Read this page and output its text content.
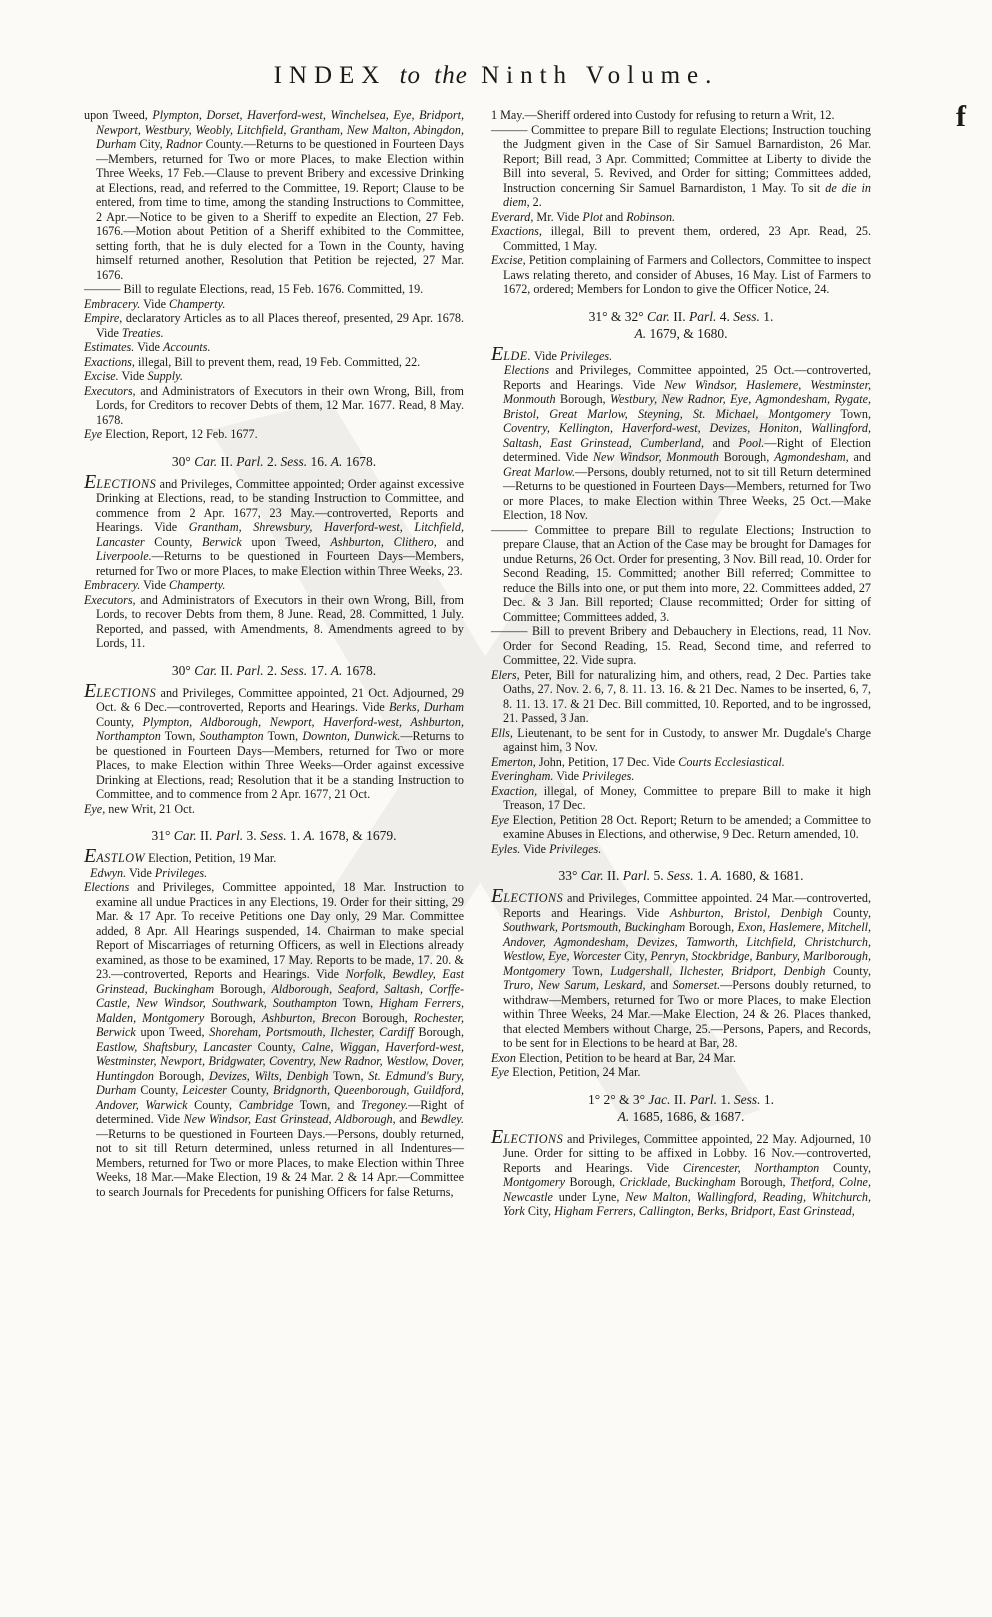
INDEX to the Ninth Volume.
f

upon Tweed, Plympton, Dorset, Haverford-west, Winchelsea, Eye, Bridport, Newport, Westbury, Weobly, Litchfield, Grantham, New Malton, Abingdon, Durham City, Radnor County.—Returns to be questioned in Fourteen Days—Members, returned for Two or more Places, to make Election within Three Weeks, 17 Feb.—Clause to prevent Bribery and excessive Drinking at Elections, read, and referred to the Committee, 19. Report; Clause to be entered, from time to time, among the standing Instructions to Committee, 2 Apr.—Notice to be given to a Sheriff to expedite an Election, 27 Feb. 1676.—Motion about Petition of a Sheriff exhibited to the Committee, setting forth, that he is duly elected for a Town in the County, having himself returned another, Resolution that Petition be rejected, 27 Mar. 1676.

——— Bill to regulate Elections, read, 15 Feb. 1676. Committed, 19.

Embracery. Vide Champerty.

Empire, declaratory Articles as to all Places thereof, presented, 29 Apr. 1678. Vide Treaties.

Estimates. Vide Accounts.

Exactions, illegal, Bill to prevent them, read, 19 Feb. Committed, 22.

Excise. Vide Supply.

Executors, and Administrators of Executors in their own Wrong, Bill, from Lords, for Creditors to recover Debts of them, 12 Mar. 1677. Read, 8 May. 1678.

Eye Election, Report, 12 Feb. 1677.

30° Car. II. Parl. 2. Sess. 16. A. 1678.

ELECTIONS and Privileges, Committee appointed; Order against excessive Drinking at Elections, read, to be standing Instruction to Committee, and commence from 2 Apr. 1677, 23 May.—controverted, Reports and Hearings. Vide Grantham, Shrewsbury, Haverford-west, Litchfield, Lancaster County, Berwick upon Tweed, Ashburton, Clithero, and Liverpoole.—Returns to be questioned in Fourteen Days—Members, returned for Two or more Places, to make Election within Three Weeks, 23.

Embracery. Vide Champerty.

Executors, and Administrators of Executors in their own Wrong, Bill, from Lords, to recover Debts from them, 8 June. Read, 28. Committed, 1 July. Reported, and passed, with Amendments, 8. Amendments agreed to by Lords, 11.

30° Car. II. Parl. 2. Sess. 17. A. 1678.

ELECTIONS and Privileges, Committee appointed, 21 Oct. Adjourned, 29 Oct. & 6 Dec.—controverted, Reports and Hearings. Vide Berks, Durham County, Plympton, Aldborough, Newport, Haverford-west, Ashburton, Northampton Town, Southampton Town, Downton, Dunwick.—Returns to be questioned in Fourteen Days—Members, returned for Two or more Places, to make Election within Three Weeks—Order against excessive Drinking at Elections, read; Resolution that it be a standing Instruction to Committee, and to commence from 2 Apr. 1677, 21 Oct.

Eye, new Writ, 21 Oct.

31° Car. II. Parl. 3. Sess. 1. A. 1678, & 1679.

EASTLOW Election, Petition, 19 Mar.

Edwyn. Vide Privileges.

Elections and Privileges, Committee appointed, 18 Mar. Instruction to examine all undue Practices in any Elections, 19. Order for their sitting, 29 Mar. & 17 Apr. To receive Petitions one Day only, 29 Mar. Committee added, 8 Apr. All Hearings suspended, 14. Chairman to make special Report of Miscarriages of returning Officers, as well in Elections already examined, as those to be examined, 17 May. Reports to be made, 17. 20. & 23.—controverted, Reports and Hearings. Vide Norfolk, Bewdley, East Grinstead, Buckingham Borough, Aldborough, Seaford, Saltash, Corffe-Castle, New Windsor, Southwark, Southampton Town, Higham Ferrers, Malden, Montgomery Borough, Ashburton, Brecon Borough, Rochester, Berwick upon Tweed, Shoreham, Portsmouth, Ilchester, Cardiff Borough, Eastlow, Shaftsbury, Lancaster County, Calne, Wiggan, Haverford-west, Westminster, Newport, Bridgwater, Coventry, New Radnor, Westlow, Dover, Huntingdon Borough, Devizes, Wilts, Denbigh Town, St. Edmund's Bury, Durham County, Leicester County, Bridgnorth, Queenborough, Guildford, Andover, Warwick County, Cambridge Town, and Tregoney.—Right of determined. Vide New Windsor, East Grinstead, Aldborough, and Bewdley.—Returns to be questioned in Fourteen Days.—Persons, doubly returned, not to sit till Return determined, unless returned in all Indentures—Members, returned for Two or more Places, to make Election within Three Weeks, 18 Mar.—Make Election, 19 & 24 Mar. 2 & 14 Apr.—Committee to search Journals for Precedents for punishing Officers for false Returns,

1 May.—Sheriff ordered into Custody for refusing to return a Writ, 12.

——— Committee to prepare Bill to regulate Elections; Instruction touching the Judgment given in the Case of Sir Samuel Barnardiston, 26 Mar. Report; Bill read, 3 Apr. Committed; Committee at Liberty to divide the Bill into several, 5. Revived, and Order for sitting; Committees added, Instruction concerning Sir Samuel Barnardiston, 1 May. To sit de die in diem, 2.

Everard, Mr. Vide Plot and Robinson.

Exactions, illegal, Bill to prevent them, ordered, 23 Apr. Read, 25. Committed, 1 May.

Excise, Petition complaining of Farmers and Collectors, Committee to inspect Laws relating thereto, and consider of Abuses, 16 May. List of Farmers to 1672, ordered; Members for London to give the Officer Notice, 24.

31° & 32° Car. II. Parl. 4. Sess. 1.
A. 1679, & 1680.

ELDE. Vide Privileges.

Elections and Privileges, Committee appointed, 25 Oct.—controverted, Reports and Hearings. Vide New Windsor, Haslemere, Westminster, Monmouth Borough, Westbury, New Radnor, Eye, Agmondesham, Rygate, Bristol, Great Marlow, Steyning, St. Michael, Montgomery Town, Coventry, Kellington, Haverford-west, Devizes, Honiton, Wallingford, Saltash, East Grinstead, Cumberland, and Pool.—Right of Election determined. Vide New Windsor, Monmouth Borough, Agmondesham, and Great Marlow.—Persons, doubly returned, not to sit till Return determined—Returns to be questioned in Fourteen Days—Members, returned for Two or more Places, to make Election within Three Weeks, 25 Oct.—Make Election, 18 Nov.

——— Committee to prepare Bill to regulate Elections; Instruction to prepare Clause, that an Action of the Case may be brought for Damages for undue Returns, 26 Oct. Order for presenting, 3 Nov. Bill read, 10. Order for Second Reading, 15. Committed; another Bill referred; Committee to reduce the Bills into one, or put them into more, 22. Committees added, 27 Dec. & 3 Jan. Bill reported; Clause recommitted; Order for sitting of Committee; Committees added, 3.

——— Bill to prevent Bribery and Debauchery in Elections, read, 11 Nov. Order for Second Reading, 15. Read, Second time, and referred to Committee, 22. Vide supra.

Elers, Peter, Bill for naturalizing him, and others, read, 2 Dec. Parties take Oaths, 27. Nov. 2. 6, 7, 8. 11. 13. 16. & 21 Dec. Names to be inserted, 6, 7, 8. 11. 13. 17. & 21 Dec. Bill committed, 10. Reported, and to be ingrossed, 21. Passed, 3 Jan.

Ells, Lieutenant, to be sent for in Custody, to answer Mr. Dugdale's Charge against him, 3 Nov.

Emerton, John, Petition, 17 Dec. Vide Courts Ecclesiastical.

Everingham. Vide Privileges.

Exaction, illegal, of Money, Committee to prepare Bill to make it high Treason, 17 Dec.

Eye Election, Petition 28 Oct. Report; Return to be amended; a Committee to examine Abuses in Elections, and otherwise, 9 Dec. Return amended, 10.

Eyles. Vide Privileges.

33° Car. II. Parl. 5. Sess. 1. A. 1680, & 1681.

ELECTIONS and Privileges, Committee appointed. 24 Mar.—controverted, Reports and Hearings. Vide Ashburton, Bristol, Denbigh County, Southwark, Portsmouth, Buckingham Borough, Exon, Haslemere, Mitchell, Andover, Agmondesham, Devizes, Tamworth, Litchfield, Christchurch, Westlow, Eye, Worcester City, Penryn, Stockbridge, Banbury, Marlborough, Montgomery Town, Ludgershall, Ilchester, Bridport, Denbigh County, Truro, New Sarum, Leskard, and Somerset.—Persons doubly returned, to withdraw—Members, returned for Two or more Places, to make Election within Three Weeks, 24 Mar.—Make Election, 24 & 26. Places thanked, that elected Members without Charge, 25.—Persons, Papers, and Records, to be sent for in Elections to be heard at Bar, 28.

Exon Election, Petition to be heard at Bar, 24 Mar.

Eye Election, Petition, 24 Mar.

1° 2° & 3° Jac. II. Parl. 1. Sess. 1.
A. 1685, 1686, & 1687.

ELECTIONS and Privileges, Committee appointed, 22 May. Adjourned, 10 June. Order for sitting to be affixed in Lobby. 16 Nov.—controverted, Reports and Hearings. Vide Cirencester, Northampton County, Montgomery Borough, Cricklade, Buckingham Borough, Thetford, Colne, Newcastle under Lyne, New Malton, Wallingford, Reading, Whitchurch, York City, Higham Ferrers, Callington, Berks, Bridport, East Grinstead,
